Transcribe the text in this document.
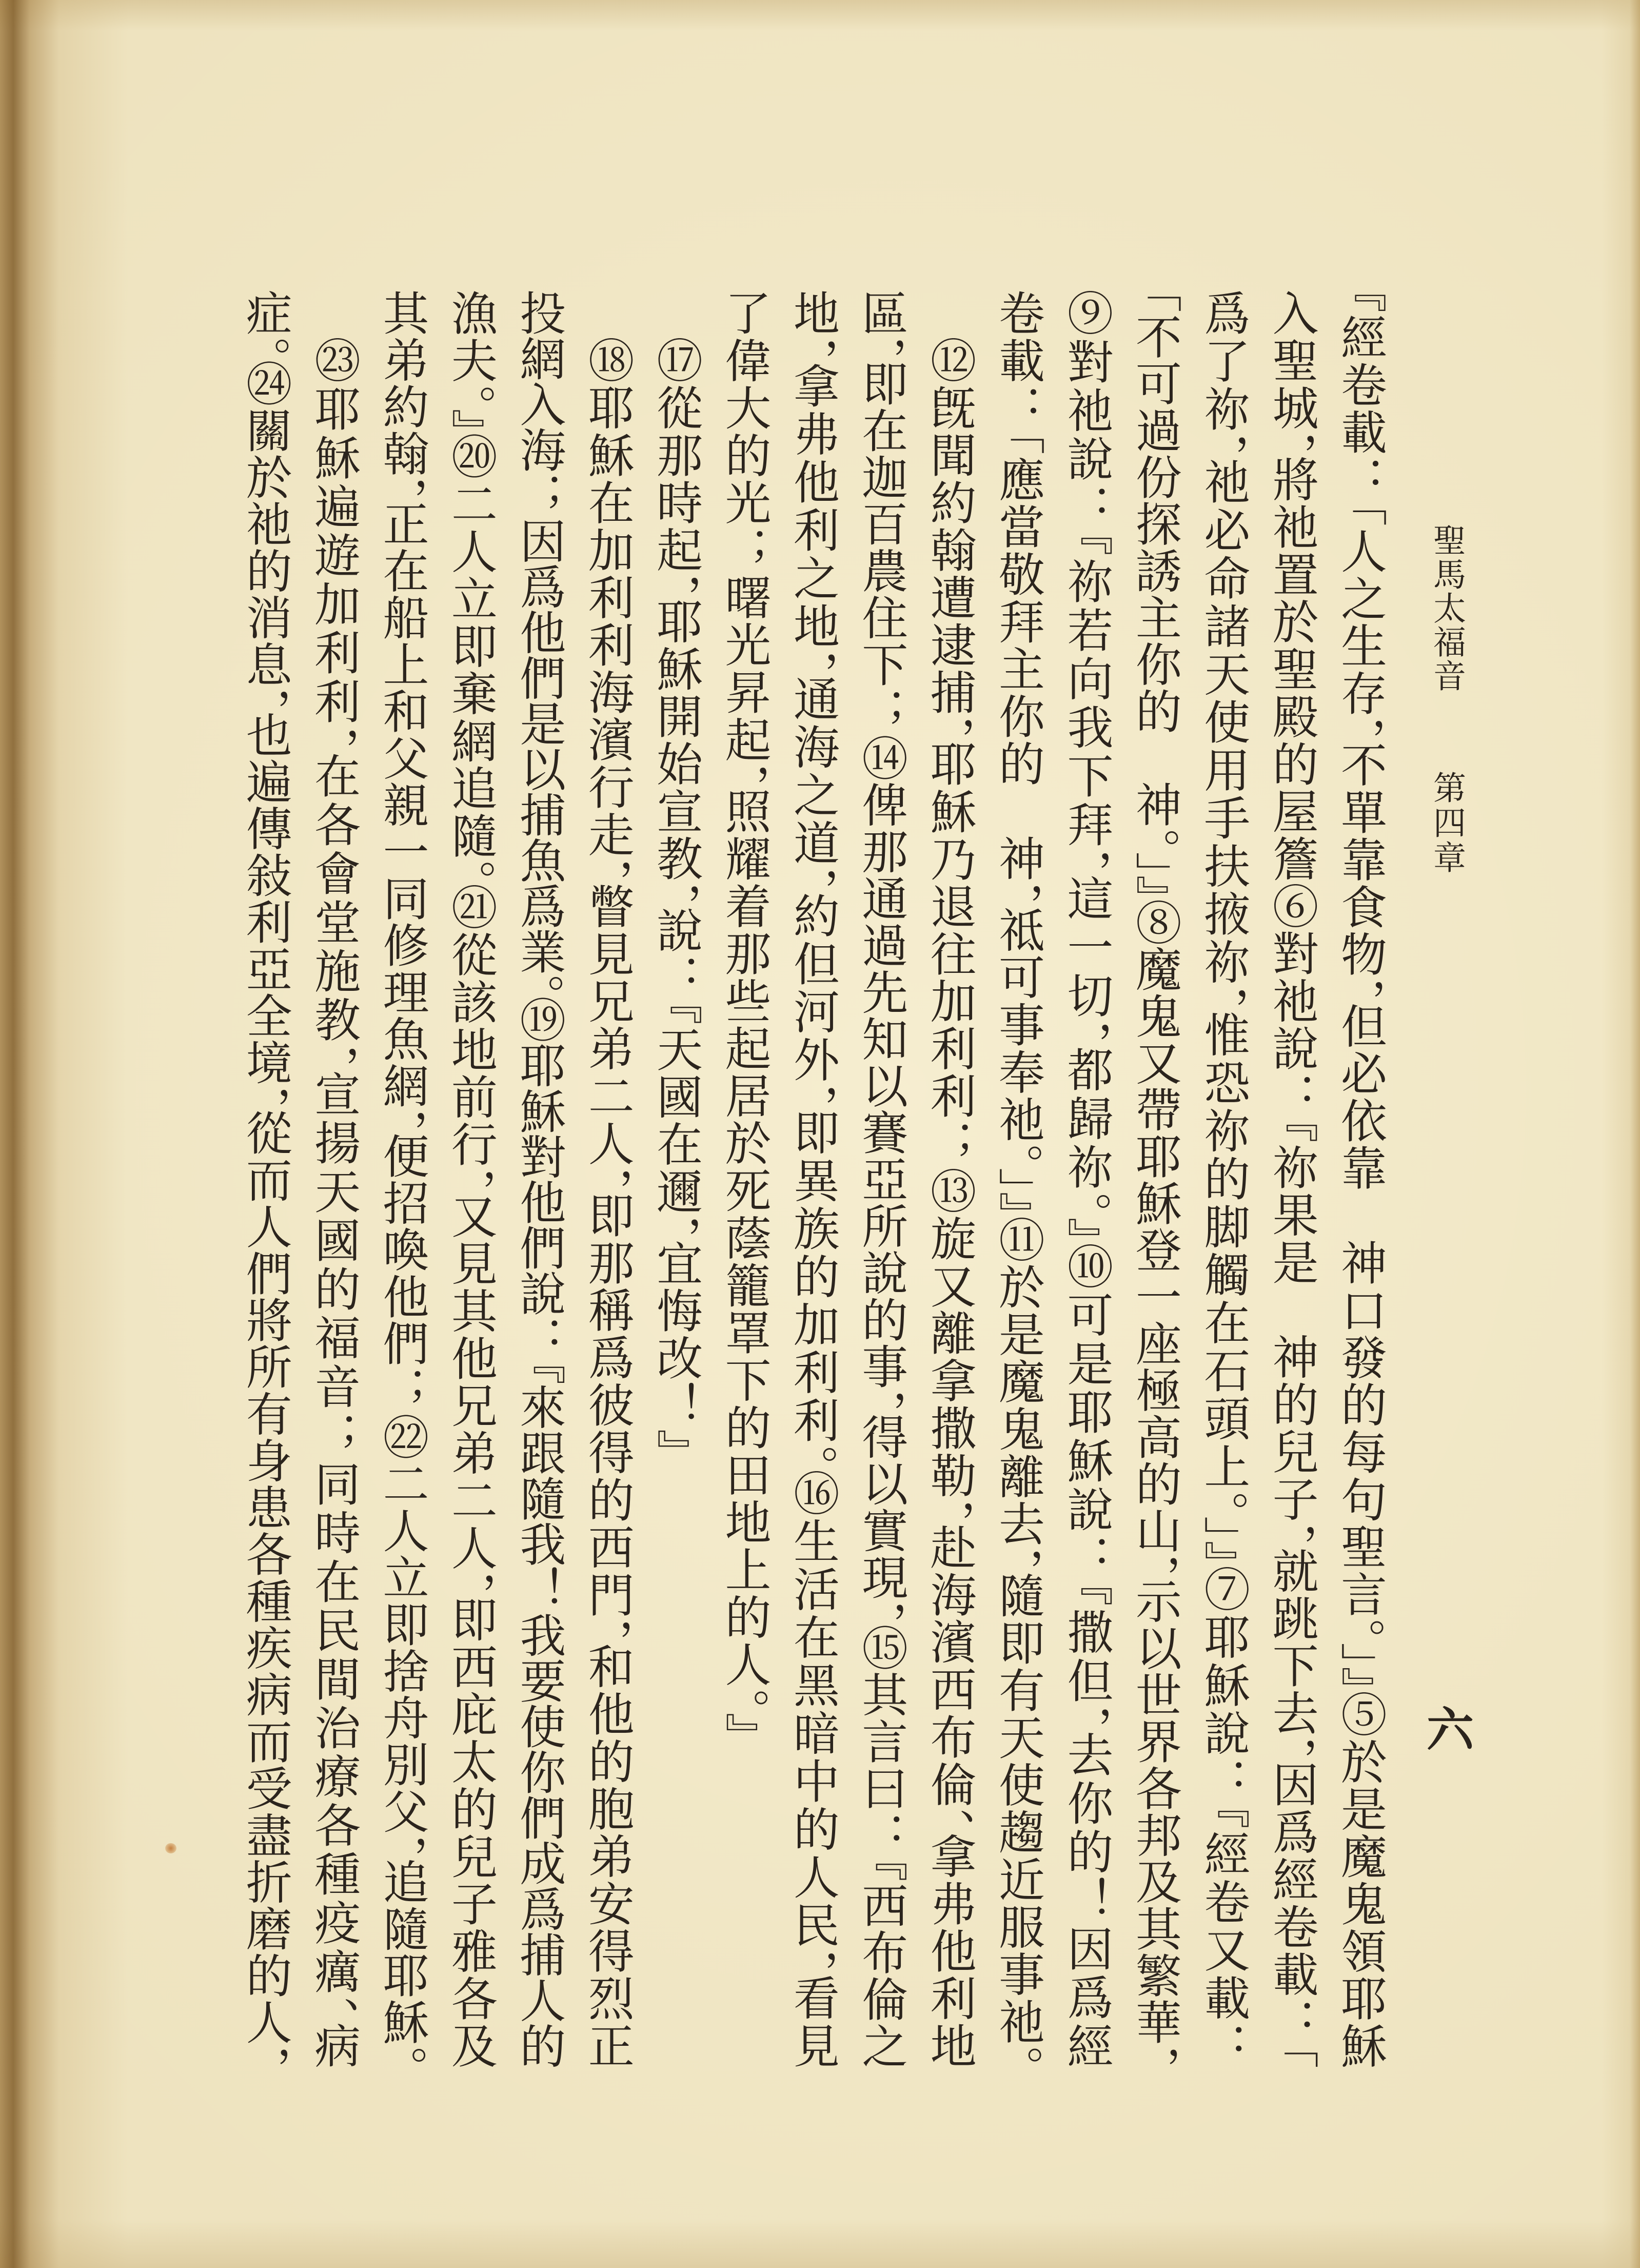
聖馬太福音
第四章
六
『經卷載：「人之生存，不單靠食物，但必依靠　神口發的每句聖言。」』⑤於是魔鬼領耶穌
入聖城，將祂置於聖殿的屋簷⑥對祂說：『祢果是　神的兒子，就跳下去，因爲經卷載：「
爲了祢，祂必命諸天使用手扶掖祢，惟恐祢的脚觸在石頭上。」』⑦耶穌說：『經卷又載：
「不可過份探誘主你的　神。」』⑧魔鬼又帶耶穌登一座極高的山，示以世界各邦及其繁華，
⑨對祂說：『祢若向我下拜，這一切，都歸祢。』⑩可是耶穌說：『撒但，去你的！因爲經
卷載：「應當敬拜主你的　神，祗可事奉祂。」』⑪於是魔鬼離去，隨即有天使趨近服事祂。
⑫旣聞約翰遭逮捕，耶穌乃退往加利利；⑬旋又離拿撒勒，赴海濱西布倫、拿弗他利地
區，即在迦百農住下；⑭俾那通過先知以賽亞所說的事，得以實現，⑮其言曰：『西布倫之
地，拿弗他利之地，通海之道，約但河外，即異族的加利利。⑯生活在黑暗中的人民，看見
了偉大的光；曙光昇起，照耀着那些起居於死蔭籠罩下的田地上的人。』
⑰從那時起，耶穌開始宣教，說：『天國在邇，宜悔改！』
⑱耶穌在加利利海濱行走，瞥見兄弟二人，即那稱爲彼得的西門，和他的胞弟安得烈正
投網入海；因爲他們是以捕魚爲業。⑲耶穌對他們說：『來跟隨我！我要使你們成爲捕人的
漁夫。』⑳二人立即棄網追隨。㉑從該地前行，又見其他兄弟二人，即西庇太的兒子雅各及
其弟約翰，正在船上和父親一同修理魚網，便招喚他們；㉒二人立即捨舟別父，追隨耶穌。
㉓耶穌遍遊加利利，在各會堂施教，宣揚天國的福音；同時在民間治療各種疫癘、病
症。㉔關於祂的消息，也遍傳敍利亞全境，從而人們將所有身患各種疾病而受盡折磨的人，
